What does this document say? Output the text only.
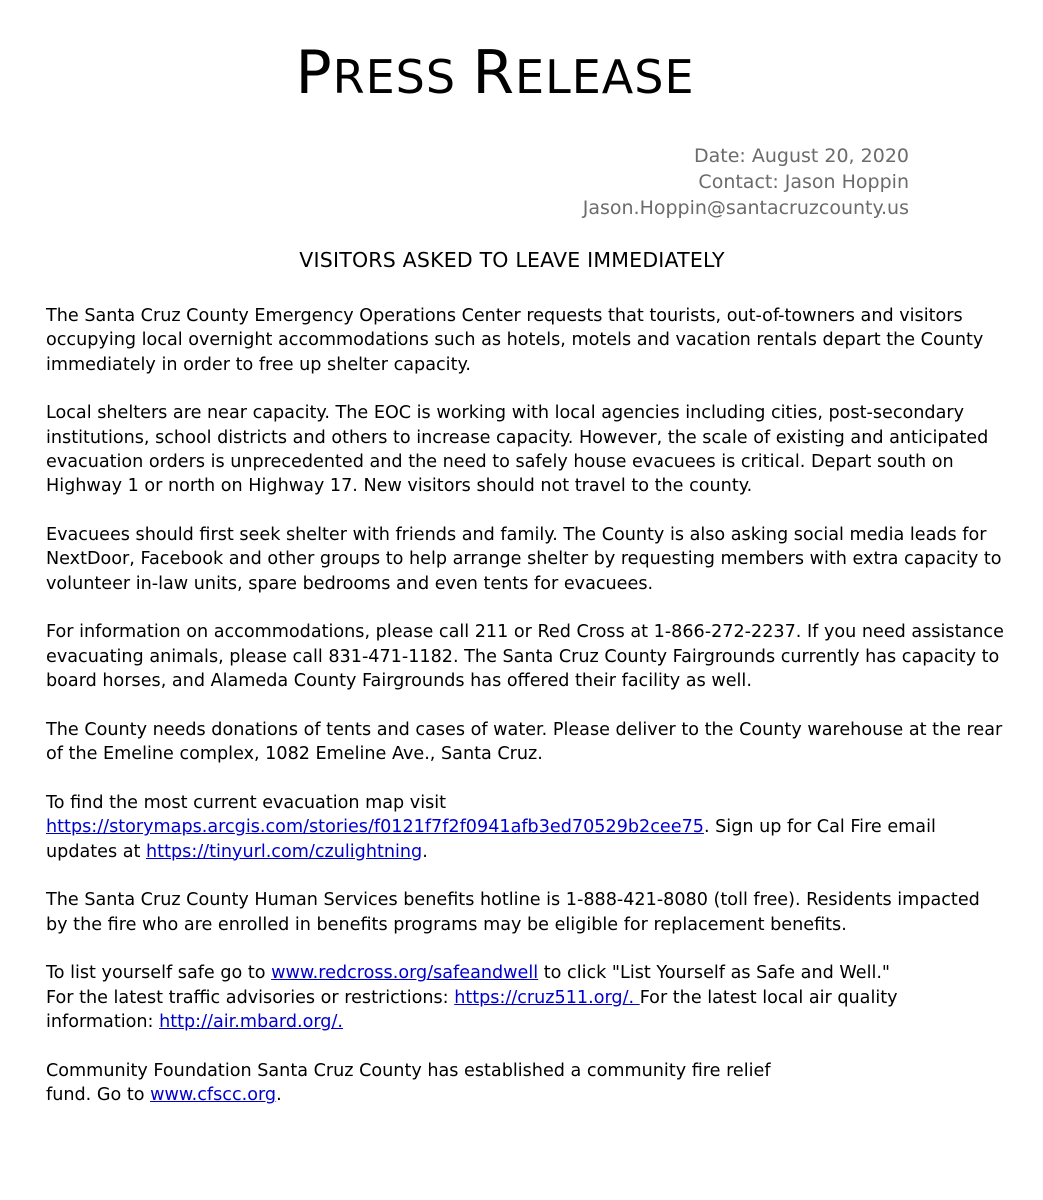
PRESS RELEASE
Date: August 20, 2020
Contact: Jason Hoppin
Jason.Hoppin@santacruzcounty.us
VISITORS ASKED TO LEAVE IMMEDIATELY

The Santa Cruz County Emergency Operations Center requests that tourists, out-of-towners and visitors occupying local overnight accommodations such as hotels, motels and vacation rentals depart the County immediately in order to free up shelter capacity.

Local shelters are near capacity. The EOC is working with local agencies including cities, post-secondary institutions, school districts and others to increase capacity. However, the scale of existing and anticipated evacuation orders is unprecedented and the need to safely house evacuees is critical. Depart south on Highway 1 or north on Highway 17. New visitors should not travel to the county.

Evacuees should first seek shelter with friends and family. The County is also asking social media leads for NextDoor, Facebook and other groups to help arrange shelter by requesting members with extra capacity to volunteer in-law units, spare bedrooms and even tents for evacuees.

For information on accommodations, please call 211 or Red Cross at 1-866-272-2237. If you need assistance evacuating animals, please call 831-471-1182. The Santa Cruz County Fairgrounds currently has capacity to board horses, and Alameda County Fairgrounds has offered their facility as well.

The County needs donations of tents and cases of water. Please deliver to the County warehouse at the rear of the Emeline complex, 1082 Emeline Ave., Santa Cruz.

To find the most current evacuation map visit https://storymaps.arcgis.com/stories/f0121f7f2f0941afb3ed70529b2cee75. Sign up for Cal Fire email updates at https://tinyurl.com/czulightning.

The Santa Cruz County Human Services benefits hotline is 1-888-421-8080 (toll free). Residents impacted by the fire who are enrolled in benefits programs may be eligible for replacement benefits.

To list yourself safe go to www.redcross.org/safeandwell to click "List Yourself as Safe and Well."
For the latest traffic advisories or restrictions: https://cruz511.org/. For the latest local air quality information: http://air.mbard.org/.

Community Foundation Santa Cruz County has established a community fire relief
fund. Go to www.cfscc.org.
